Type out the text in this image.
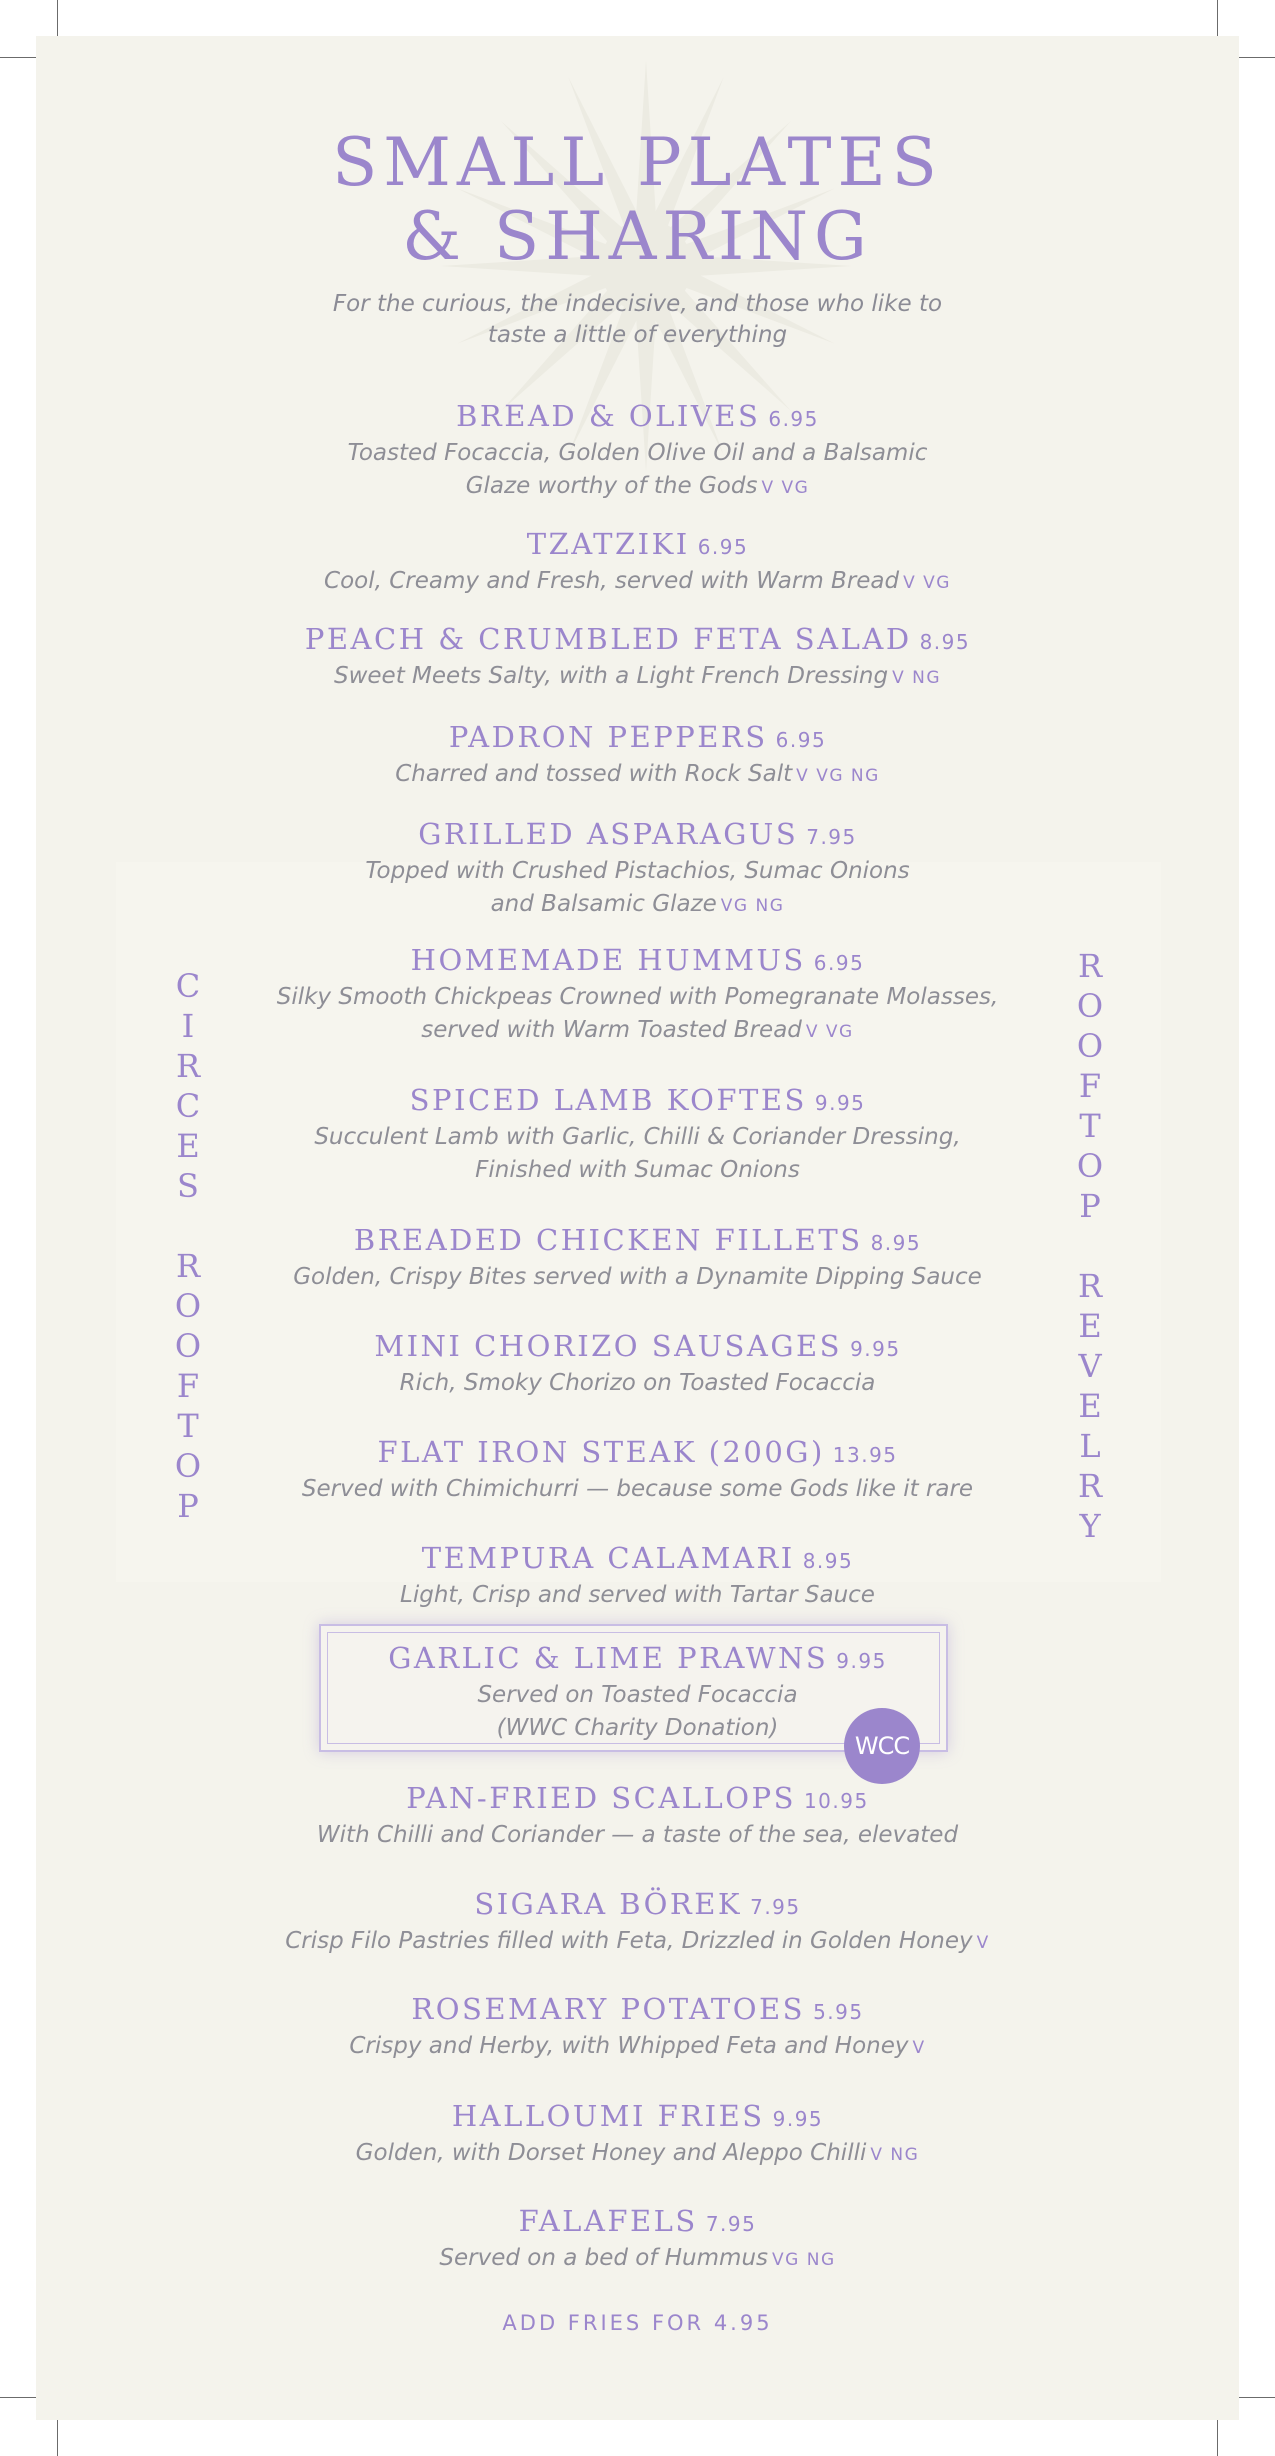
SMALL PLATES
& SHARING
For the curious, the indecisive, and those who like to
taste a little of everything
C
I
R
C
E
S

R
O
O
F
T
O
P
R
O
O
F
T
O
P

R
E
V
E
L
R
Y
BREAD & OLIVES 6.95
Toasted Focaccia, Golden Olive Oil and a Balsamic
Glaze worthy of the Gods V VG
TZATZIKI 6.95
Cool, Creamy and Fresh, served with Warm Bread V VG
PEACH & CRUMBLED FETA SALAD 8.95
Sweet Meets Salty, with a Light French Dressing V NG
PADRON PEPPERS 6.95
Charred and tossed with Rock Salt V VG NG
GRILLED ASPARAGUS 7.95
Topped with Crushed Pistachios, Sumac Onions
and Balsamic Glaze VG NG
HOMEMADE HUMMUS 6.95
Silky Smooth Chickpeas Crowned with Pomegranate Molasses,
served with Warm Toasted Bread V VG
SPICED LAMB KOFTES 9.95
Succulent Lamb with Garlic, Chilli & Coriander Dressing,
Finished with Sumac Onions
BREADED CHICKEN FILLETS 8.95
Golden, Crispy Bites served with a Dynamite Dipping Sauce
MINI CHORIZO SAUSAGES 9.95
Rich, Smoky Chorizo on Toasted Focaccia
FLAT IRON STEAK (200G) 13.95
Served with Chimichurri — because some Gods like it rare
TEMPURA CALAMARI 8.95
Light, Crisp and served with Tartar Sauce
GARLIC & LIME PRAWNS 9.95
Served on Toasted Focaccia
(WWC Charity Donation)
PAN-FRIED SCALLOPS 10.95
With Chilli and Coriander — a taste of the sea, elevated
SIGARA BÖREK 7.95
Crisp Filo Pastries filled with Feta, Drizzled in Golden Honey V
ROSEMARY POTATOES 5.95
Crispy and Herby, with Whipped Feta and Honey V
HALLOUMI FRIES 9.95
Golden, with Dorset Honey and Aleppo Chilli V NG
FALAFELS 7.95
Served on a bed of Hummus VG NG
WCC
ADD FRIES FOR 4.95
